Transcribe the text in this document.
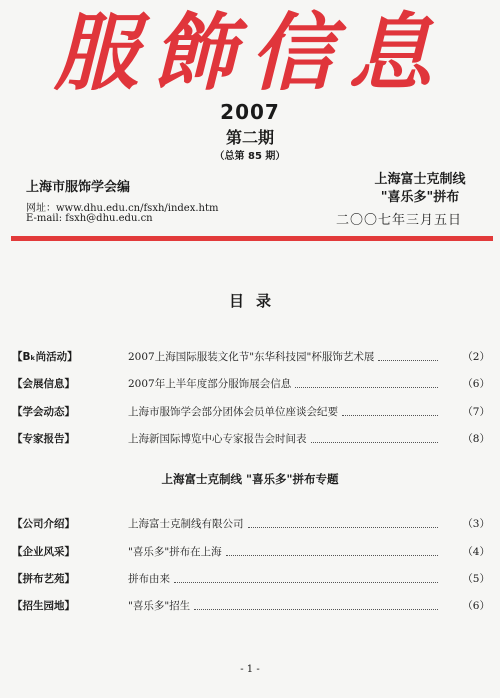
服飾信息
2007
第二期
（总第 85 期）
上海市服饰学会编
网址：www.dhu.edu.cn/fsxh/index.htm
E-mail: fsxh@dhu.edu.cn
上海富士克制线
"喜乐多"拼布
二〇〇七年三月五日
目录
【Bₖ尚活动】	2007上海国际服装文化节"东华科技园"杯服饰艺术展	（2）
【会展信息】	2007年上半年度部分服饰展会信息	（6）
【学会动态】	上海市服饰学会部分团体会员单位座谈会纪要	（7）
【专家报告】	上海新国际博览中心专家报告会时间表	（8）
上海富士克制线 "喜乐多"拼布专题
【公司介绍】	上海富士克制线有限公司	（3）
【企业风采】	"喜乐多"拼布在上海	（4）
【拼布艺苑】	拼布由来	（5）
【招生园地】	"喜乐多"招生	（6）
- 1 -
